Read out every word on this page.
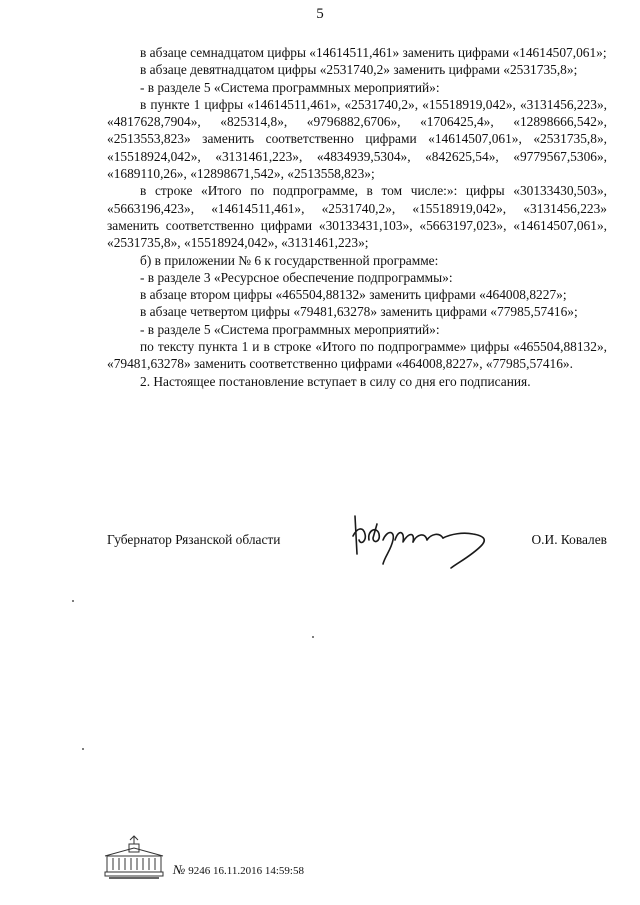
5

в абзаце семнадцатом цифры «14614511,461» заменить цифрами «14614507,061»;

в абзаце девятнадцатом цифры «2531740,2» заменить цифрами «2531735,8»;

- в разделе 5 «Система программных мероприятий»:

в пункте 1 цифры «14614511,461», «2531740,2», «15518919,042», «3131456,223», «4817628,7904», «825314,8», «9796882,6706», «1706425,4», «12898666,542», «2513553,823» заменить соответственно цифрами «14614507,061», «2531735,8», «15518924,042», «3131461,223», «4834939,5304», «842625,54», «9779567,5306», «1689110,26», «12898671,542», «2513558,823»;

в строке «Итого по подпрограмме, в том числе:»: цифры «30133430,503», «5663196,423», «14614511,461», «2531740,2», «15518919,042», «3131456,223» заменить соответственно цифрами «30133431,103», «5663197,023», «14614507,061», «2531735,8», «15518924,042», «3131461,223»;

б) в приложении № 6 к государственной программе:

- в разделе 3 «Ресурсное обеспечение подпрограммы»:

в абзаце втором цифры «465504,88132» заменить цифрами «464008,8227»;

в абзаце четвертом цифры «79481,63278» заменить цифрами «77985,57416»;

- в разделе 5 «Система программных мероприятий»:

по тексту пункта 1 и в строке «Итого по подпрограмме» цифры «465504,88132», «79481,63278» заменить соответственно цифрами «464008,8227», «77985,57416».

2. Настоящее постановление вступает в силу со дня его подписания.

Губернатор Рязанской области	О.И. Ковалев
№ 9246 16.11.2016 14:59:58
